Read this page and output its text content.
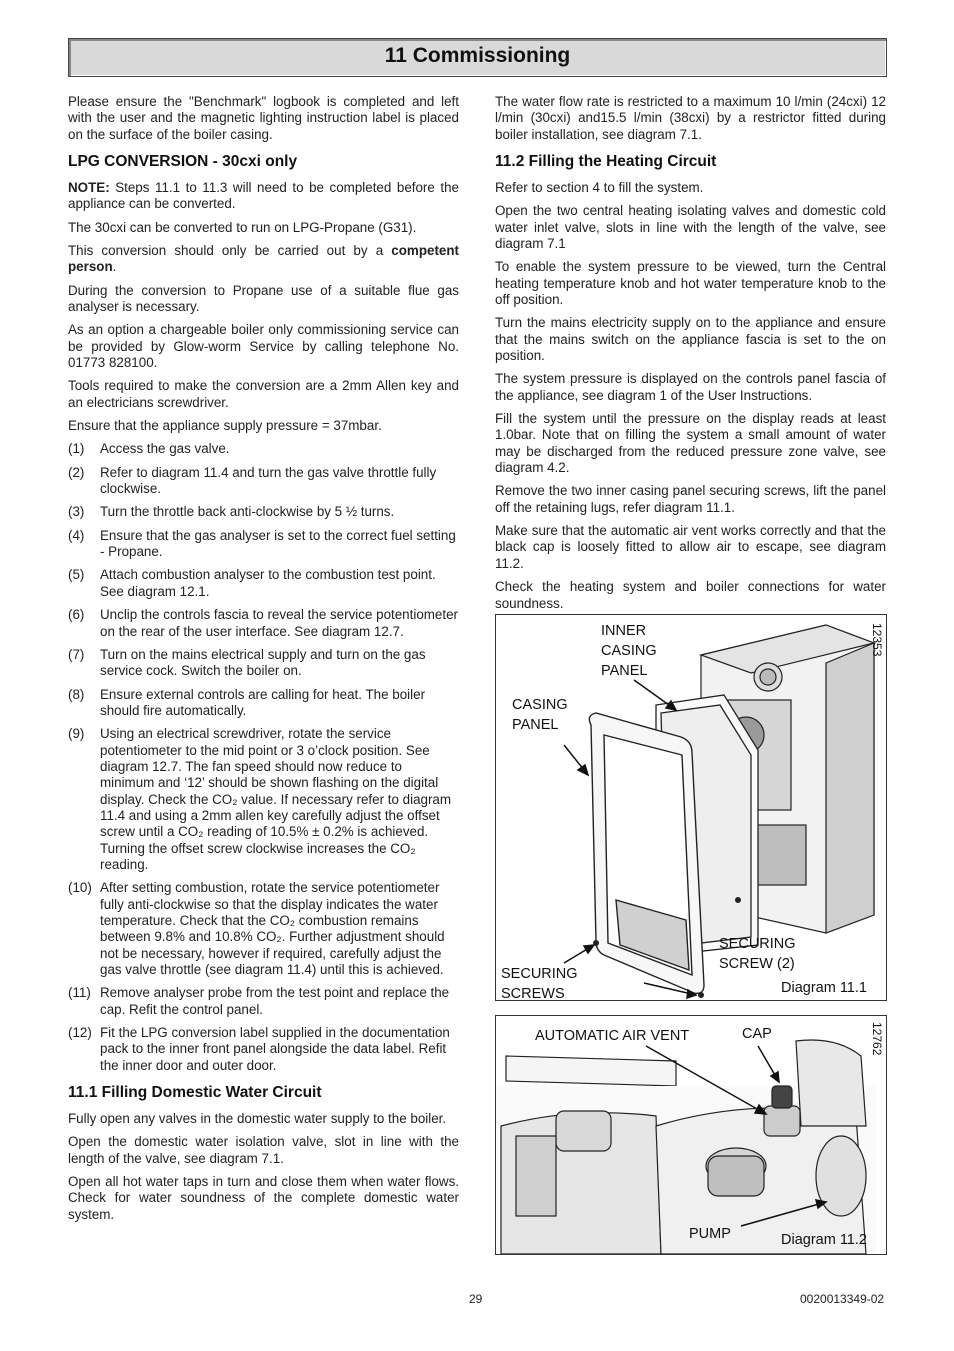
11 Commissioning

Please ensure the "Benchmark" logbook is completed and left with the user and the magnetic lighting instruction label is placed on the surface of the boiler casing.

LPG CONVERSION - 30cxi only

NOTE: Steps 11.1 to 11.3 will need to be completed before the appliance can be converted.

The 30cxi can be converted to run on LPG-Propane (G31).

This conversion should only be carried out by a competent person.

During the conversion to Propane use of a suitable flue gas analyser is necessary.

As an option a chargeable boiler only commissioning service can be provided by Glow-worm Service by calling telephone No. 01773 828100.

Tools required to make the conversion are a 2mm Allen key and an electricians screwdriver.

Ensure that the appliance supply pressure = 37mbar.

(1)	Access the gas valve.
(2)	Refer to diagram 11.4 and turn the gas valve throttle fully clockwise.
(3)	Turn the throttle back anti-clockwise by 5 ½ turns.
(4)	Ensure that the gas analyser is set to the correct fuel setting - Propane.
(5)	Attach combustion analyser to the combustion test point. See diagram 12.1.
(6)	Unclip the controls fascia to reveal the service potentiometer on the rear of the user interface. See diagram 12.7.
(7)	Turn on the mains electrical supply and turn on the gas service cock. Switch the boiler on.
(8)	Ensure external controls are calling for heat. The boiler should fire automatically.
(9)	Using an electrical screwdriver, rotate the service potentiometer to the mid point or 3 o’clock position. See diagram 12.7. The fan speed should now reduce to minimum and ‘12’ should be shown flashing on the digital display. Check the CO₂ value. If necessary refer to diagram 11.4 and using a 2mm allen key carefully adjust the offset screw until a CO₂ reading of 10.5% ± 0.2% is achieved. Turning the offset screw clockwise increases the CO₂ reading.
(10) After setting combustion, rotate the service potentiometer fully anti-clockwise so that the display indicates the water temperature. Check that the CO₂ combustion remains between 9.8% and 10.8% CO₂. Further adjustment should not be necessary, however if required, carefully adjust the gas valve throttle (see diagram 11.4) until this is achieved.
(11) Remove analyser probe from the test point and replace the cap. Refit the control panel.
(12) Fit the LPG conversion label supplied in the documentation pack to the inner front panel alongside the data label. Refit the inner door and outer door.
11.1 Filling Domestic Water Circuit

Fully open any valves in the domestic water supply to the boiler.

Open the domestic water isolation valve, slot in line with the length of the valve, see diagram 7.1.

Open all hot water taps in turn and close them when water flows. Check for water soundness of the complete domestic water system.

The water flow rate is restricted to a maximum 10 l/min (24cxi) 12 l/min (30cxi) and15.5 l/min (38cxi) by a restrictor fitted during boiler installation, see diagram 7.1.

11.2 Filling the Heating Circuit

Refer to section 4 to fill the system.

Open the two central heating isolating valves and domestic cold water inlet valve, slots in line with the length of the valve, see diagram 7.1

To enable the system pressure to be viewed, turn the Central heating temperature knob and hot water temperature knob to the off position.

Turn the mains electricity supply on to the appliance and ensure that the mains switch on the appliance fascia is set to the on position.

The system pressure is displayed on the controls panel fascia of the appliance, see diagram 1 of the User Instructions.

Fill the system until the pressure on the display reads at least 1.0bar. Note that on filling the system a small amount of water may be discharged from the reduced pressure zone valve, see diagram 4.2.

Remove the two inner casing panel securing screws, lift the panel off the retaining lugs, refer diagram 11.1.

Make sure that the automatic air vent works correctly and that the black cap is loosely fitted to allow air to escape, see diagram 11.2.

Check the heating system and boiler connections for water soundness.

INNER
CASING
PANEL
CASING
PANEL
SECURING
SCREW (2)
SECURING
SCREWS	Diagram 11.1
12353
AUTOMATIC AIR VENT	CAP
PUMP	Diagram 11.2
12762
29	0020013349-02
